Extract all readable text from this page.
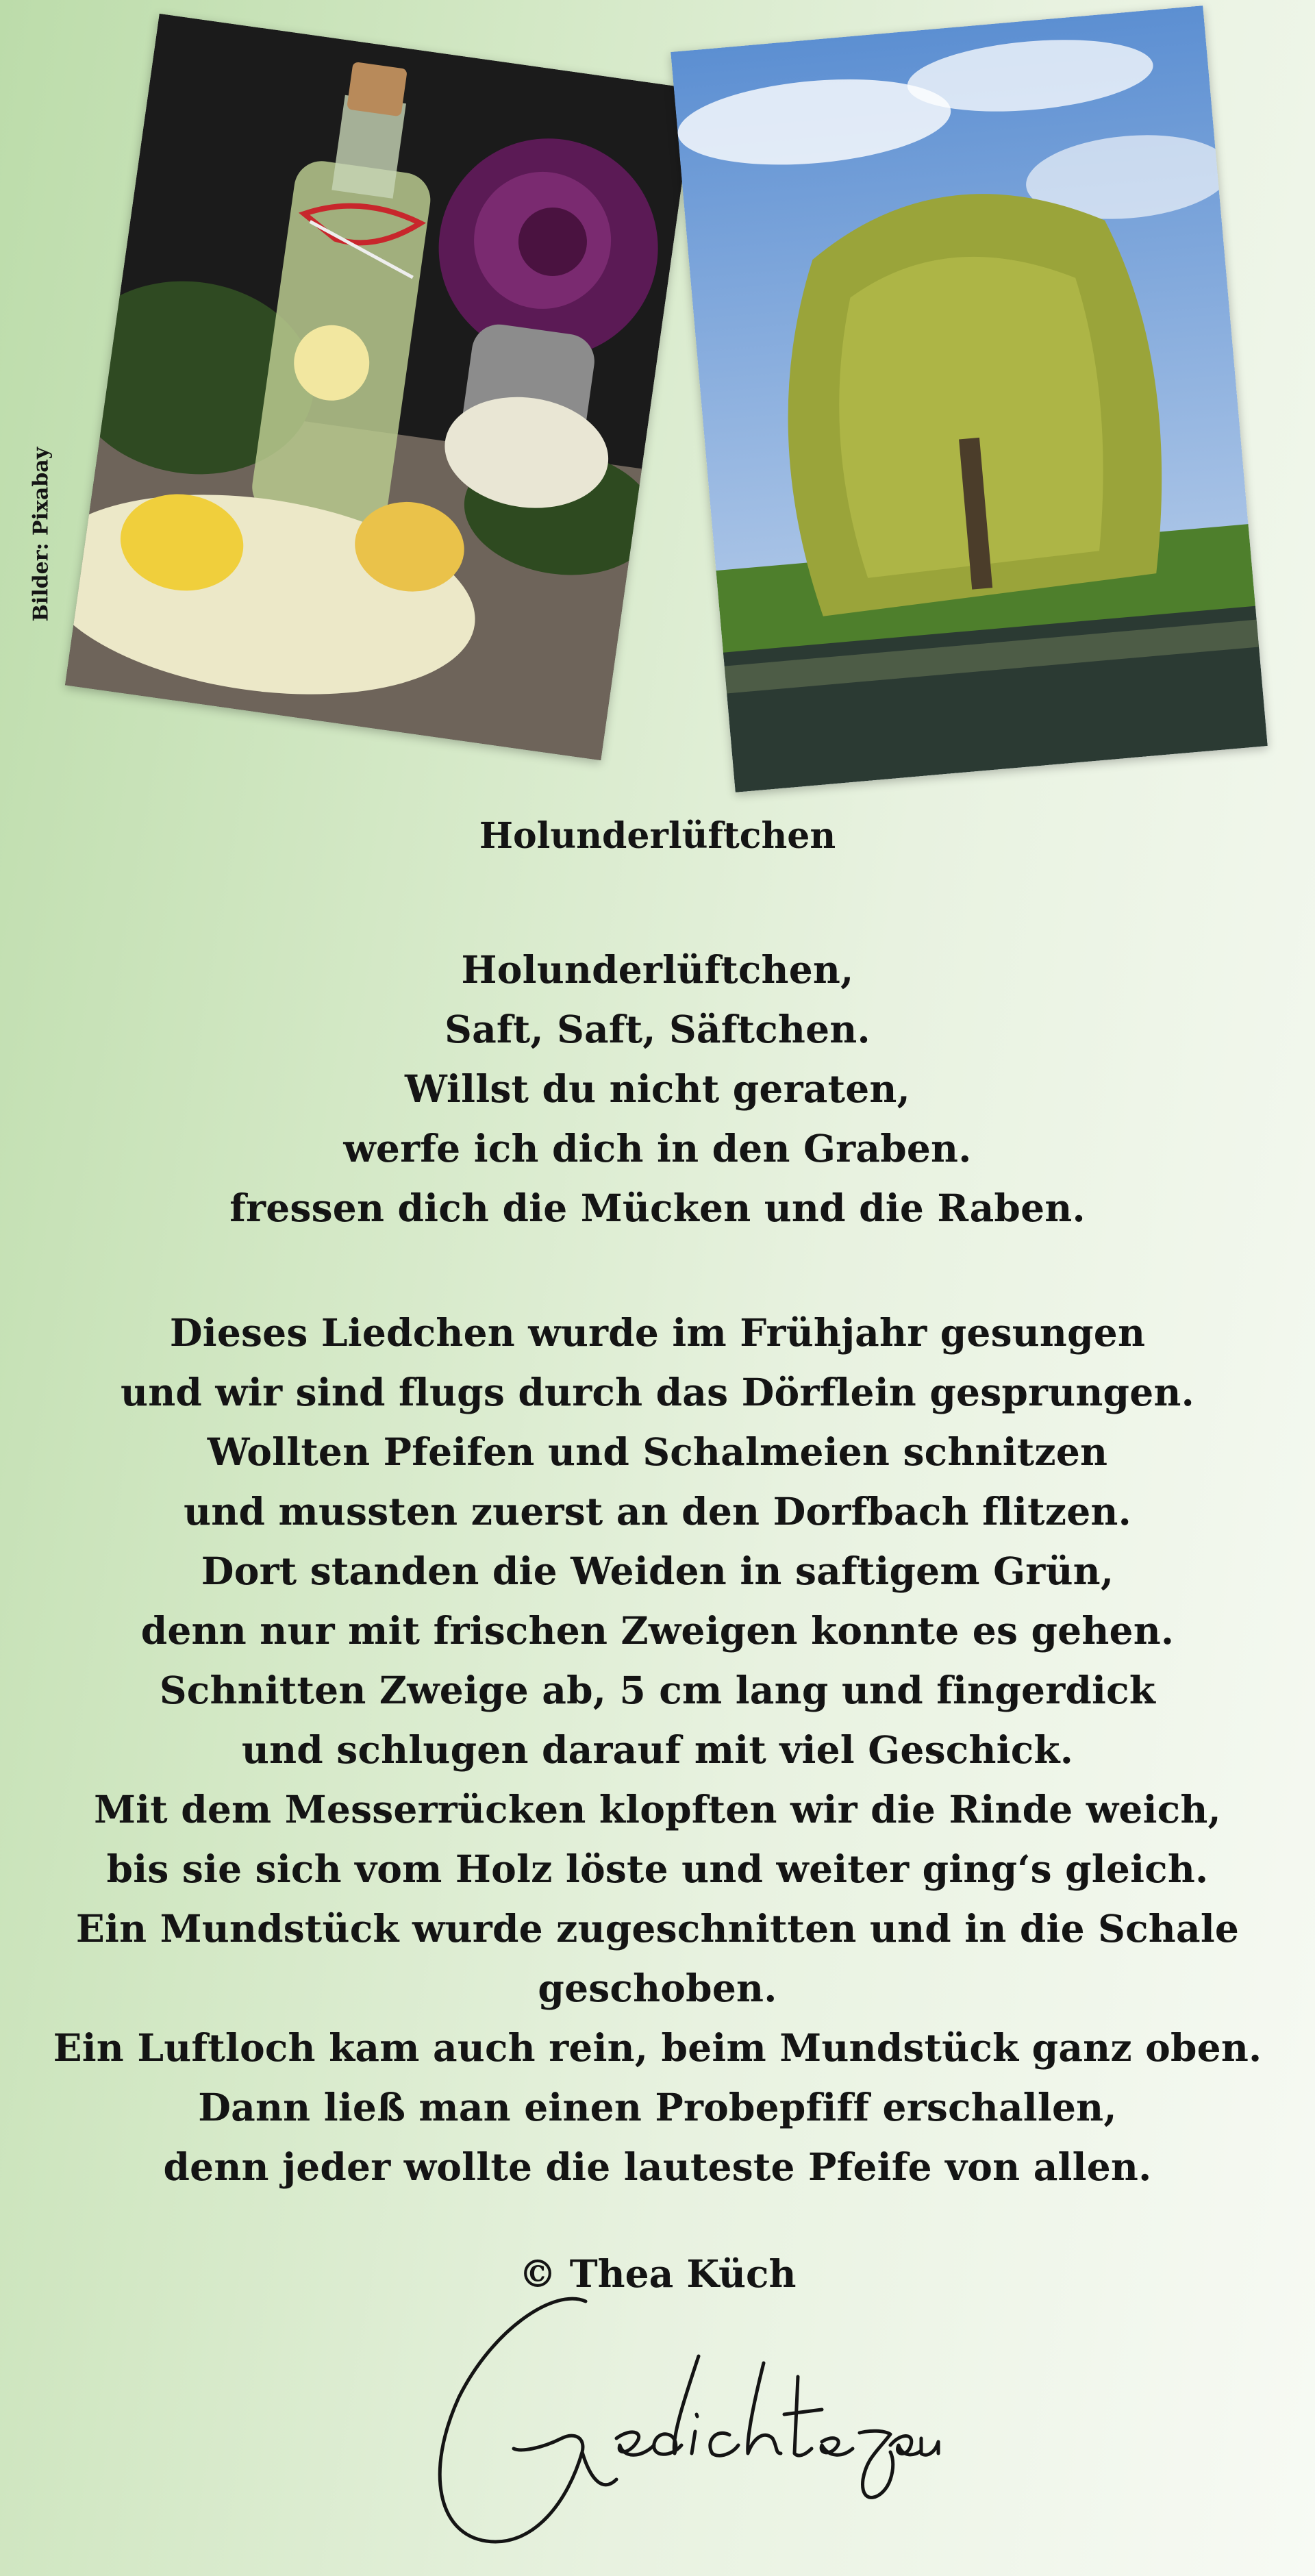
Bilder: Pixabay
Holunderlüftchen
Holunderlüftchen,
Saft, Saft, Säftchen.
Willst du nicht geraten,
werfe ich dich in den Graben.
fressen dich die Mücken und die Raben.
Dieses Liedchen wurde im Frühjahr gesungen
und wir sind flugs durch das Dörflein gesprungen.
Wollten Pfeifen und Schalmeien schnitzen
und mussten zuerst an den Dorfbach flitzen.
Dort standen die Weiden in saftigem Grün,
denn nur mit frischen Zweigen konnte es gehen.
Schnitten Zweige ab, 5 cm lang und fingerdick
und schlugen darauf mit viel Geschick.
Mit dem Messerrücken klopften wir die Rinde weich,
bis sie sich vom Holz löste und weiter ging‘s gleich.
Ein Mundstück wurde zugeschnitten und in die Schale geschoben.
Ein Luftloch kam auch rein, beim Mundstück ganz oben.
Dann ließ man einen Probepfiff erschallen,
denn jeder wollte die lauteste Pfeife von allen.
© Thea Küch
